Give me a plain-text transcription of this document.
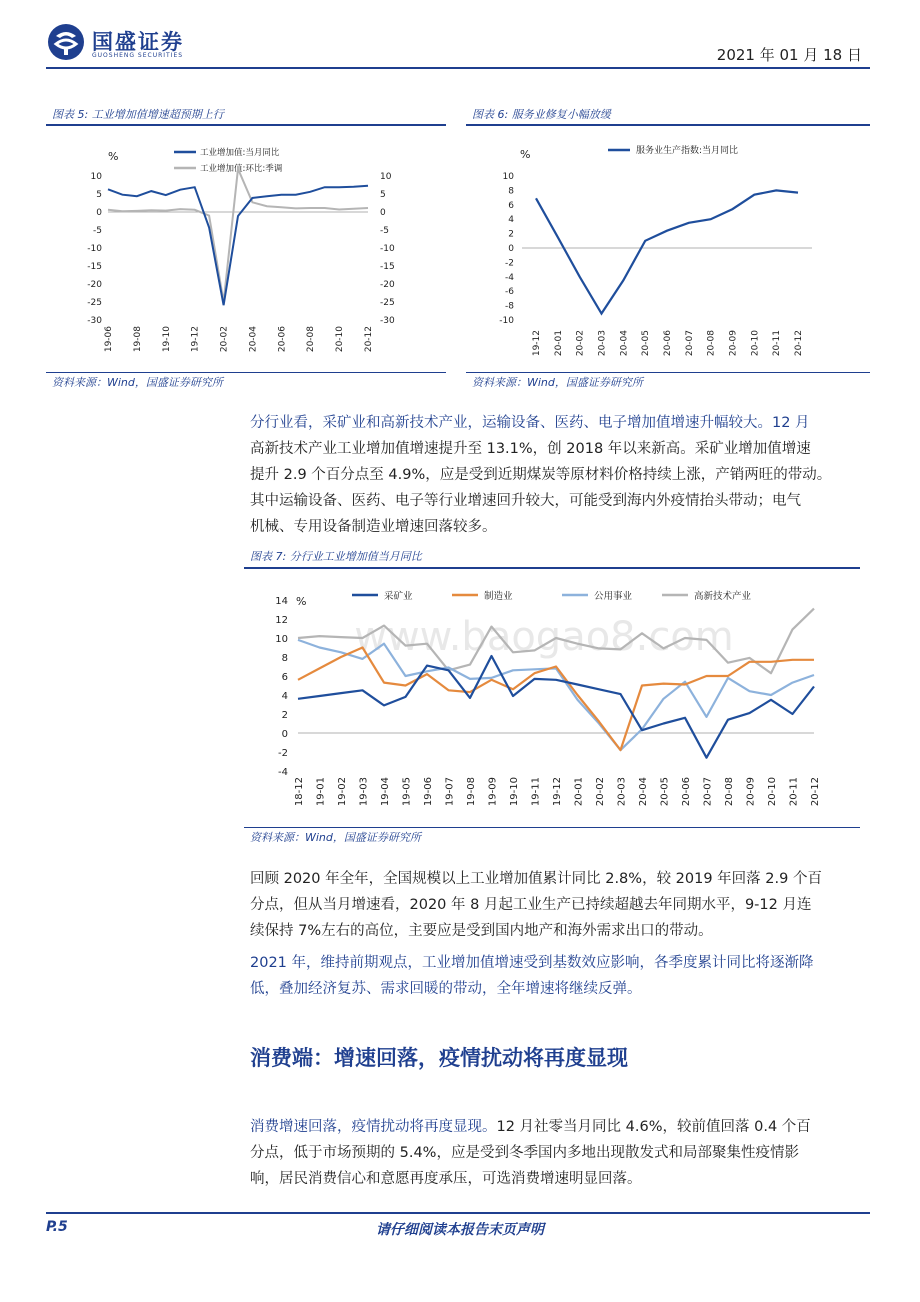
国盛证券
GUOSHENG SECURITIES	2021 年 01 月 18 日
图表 5: 工业增加值增速超预期上行
工业增加值:当月同比
工业增加值:环比:季调
%
10	10
5	5
0	0
-5	-5
-10	-10
-15	-15
-20	-20
-25	-25
-30	-30
19-06 19-08 19-10 19-12 20-02 20-04 20-06 20-08 20-10 20-12
资料来源：Wind，国盛证券研究所
图表 6: 服务业修复小幅放缓
服务业生产指数:当月同比
%
10
8
6
4
2
0
-2
-4
-6
-8
-10
19-12 20-01 20-02 20-03 20-04 20-05 20-06 20-07 20-08 20-09 20-10 20-11 20-12
资料来源：Wind，国盛证券研究所
分行业看，采矿业和高新技术产业，运输设备、医药、电子增加值增速升幅较大。12 月
高新技术产业工业增加值增速提升至 13.1%，创 2018 年以来新高。采矿业增加值增速
提升 2.9 个百分点至 4.9%，应是受到近期煤炭等原材料价格持续上涨，产销两旺的带动。
其中运输设备、医药、电子等行业增速回升较大，可能受到海内外疫情抬头带动；电气
机械、专用设备制造业增速回落较多。
图表 7: 分行业工业增加值当月同比
www.baogao8.com
采矿业	制造业	公用事业	高新技术产业
%
14
12
10
8
6
4
2
0
-2
-4
18-12 19-01 19-02 19-03 19-04 19-05 19-06 19-07 19-08 19-09 19-10 19-11 19-12 20-01 20-02 20-03 20-04 20-05 20-06 20-07 20-08 20-09 20-10 20-11 20-12
资料来源：Wind，国盛证券研究所
回顾 2020 年全年，全国规模以上工业增加值累计同比 2.8%，较 2019 年回落 2.9 个百
分点，但从当月增速看，2020 年 8 月起工业生产已持续超越去年同期水平，9-12 月连
续保持 7%左右的高位，主要应是受到国内地产和海外需求出口的带动。
2021 年，维持前期观点，工业增加值增速受到基数效应影响，各季度累计同比将逐渐降
低，叠加经济复苏、需求回暖的带动，全年增速将继续反弹。
消费端：增速回落，疫情扰动将再度显现
消费增速回落，疫情扰动将再度显现。12 月社零当月同比 4.6%，较前值回落 0.4 个百
分点，低于市场预期的 5.4%，应是受到冬季国内多地出现散发式和局部聚集性疫情影
响，居民消费信心和意愿再度承压，可选消费增速明显回落。
请仔细阅读本报告末页声明
P.5
